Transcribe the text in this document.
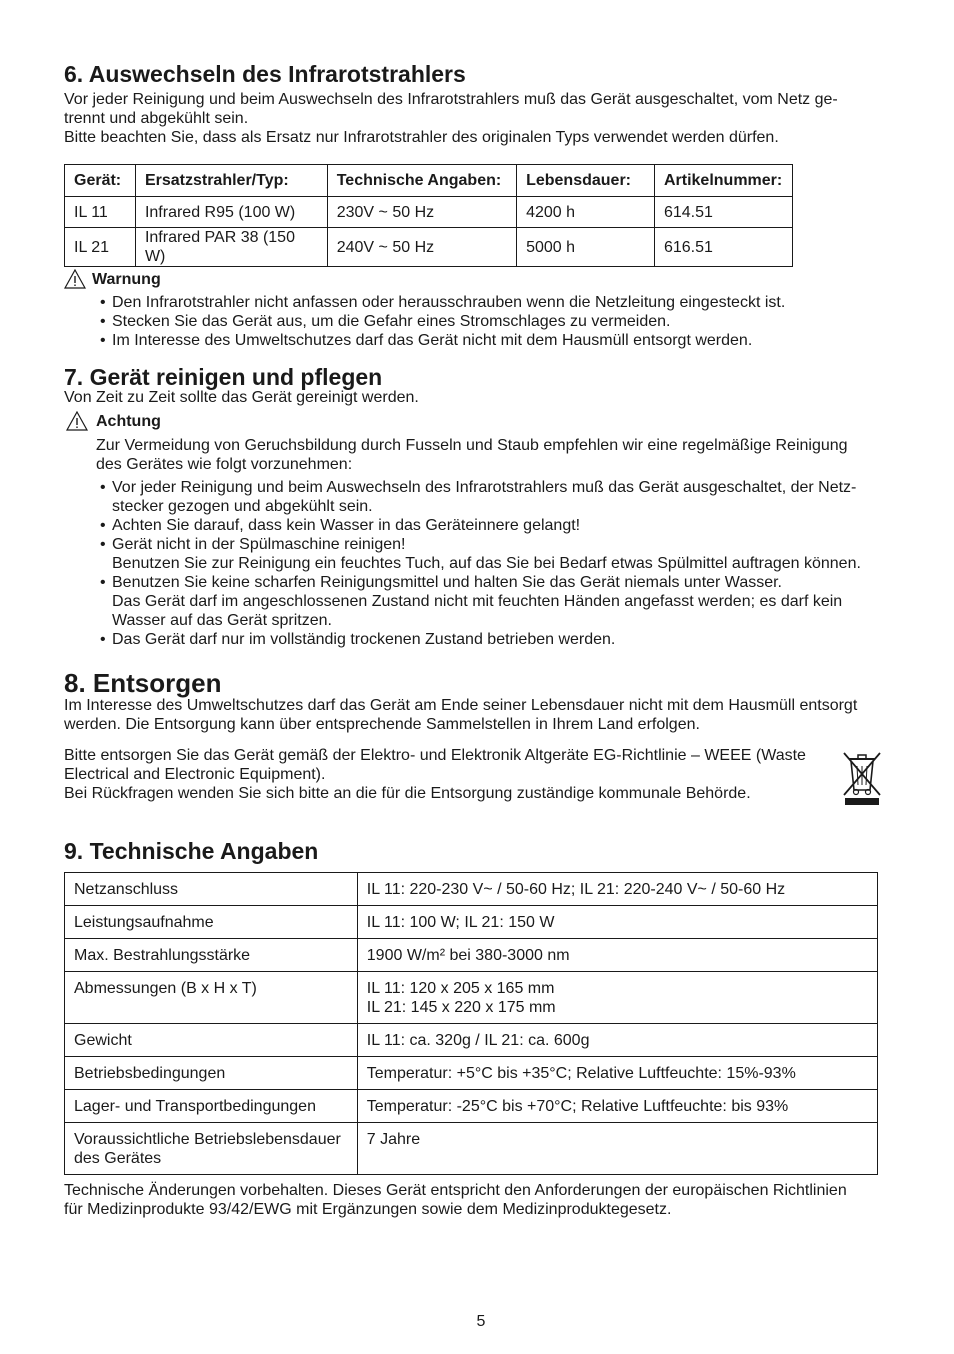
6. Auswechseln des Infrarotstrahlers

Vor jeder Reinigung und beim Auswechseln des Infrarotstrahlers muß das Gerät ausgeschaltet, vom Netz ge-

trennt und abgekühlt sein.

Bitte beachten Sie, dass als Ersatz nur Infrarotstrahler des originalen Typs verwendet werden dürfen.

Gerät:	Ersatzstrahler/Typ:	Technische Angaben:	Lebensdauer:	Artikelnummer:
IL 11	Infrared R95 (100 W)	230V ~ 50 Hz	4200 h	614.51
IL 21	Infrared PAR 38 (150 W)	240V ~ 50 Hz	5000 h	616.51
Warnung
• Den Infrarotstrahler nicht anfassen oder herausschrauben wenn die Netzleitung eingesteckt ist.
• Stecken Sie das Gerät aus, um die Gefahr eines Stromschlages zu vermeiden.
• Im Interesse des Umweltschutzes darf das Gerät nicht mit dem Hausmüll entsorgt werden.
7. Gerät reinigen und pflegen

Von Zeit zu Zeit sollte das Gerät gereinigt werden.

Achtung

Zur Vermeidung von Geruchsbildung durch Fusseln und Staub empfehlen wir eine regelmäßige Reinigung

des Gerätes wie folgt vorzunehmen:

• Vor jeder Reinigung und beim Auswechseln des Infrarotstrahlers muß das Gerät ausgeschaltet, der Netz-
stecker gezogen und abgekühlt sein.
• Achten Sie darauf, dass kein Wasser in das Geräteinnere gelangt!
• Gerät nicht in der Spülmaschine reinigen!
Benutzen Sie zur Reinigung ein feuchtes Tuch, auf das Sie bei Bedarf etwas Spülmittel auftragen können.
• Benutzen Sie keine scharfen Reinigungsmittel und halten Sie das Gerät niemals unter Wasser.
Das Gerät darf im angeschlossenen Zustand nicht mit feuchten Händen angefasst werden; es darf kein
Wasser auf das Gerät spritzen.
• Das Gerät darf nur im vollständig trockenen Zustand betrieben werden.
8. Entsorgen

Im Interesse des Umweltschutzes darf das Gerät am Ende seiner Lebensdauer nicht mit dem Hausmüll entsorgt

werden. Die Entsorgung kann über entsprechende Sammelstellen in Ihrem Land erfolgen.

Bitte entsorgen Sie das Gerät gemäß der Elektro- und Elektronik Altgeräte EG-Richtlinie – WEEE (Waste

Electrical and Electronic Equipment).

Bei Rückfragen wenden Sie sich bitte an die für die Entsorgung zuständige kommunale Behörde.

9. Technische Angaben
Netzanschluss	IL 11: 220-230 V~ / 50-60 Hz; IL 21: 220-240 V~ / 50-60 Hz
Leistungsaufnahme	IL 11: 100 W; IL 21: 150 W
Max. Bestrahlungsstärke	1900 W/m² bei 380-3000 nm
Abmessungen (B x H x T)	IL 11: 120 x 205 x 165 mm
IL 21: 145 x 220 x 175 mm
Gewicht	IL 11: ca. 320g / IL 21: ca. 600g
Betriebsbedingungen	Temperatur: +5°C bis +35°C; Relative Luftfeuchte: 15%-93%
Lager- und Transportbedingungen	Temperatur: -25°C bis +70°C; Relative Luftfeuchte: bis 93%
Voraussichtliche Betriebslebensdauer
des Gerätes	7 Jahre

Technische Änderungen vorbehalten. Dieses Gerät entspricht den Anforderungen der europäischen Richtlinien

für Medizinprodukte 93/42/EWG mit Ergänzungen sowie dem Medizinproduktegesetz.

5
